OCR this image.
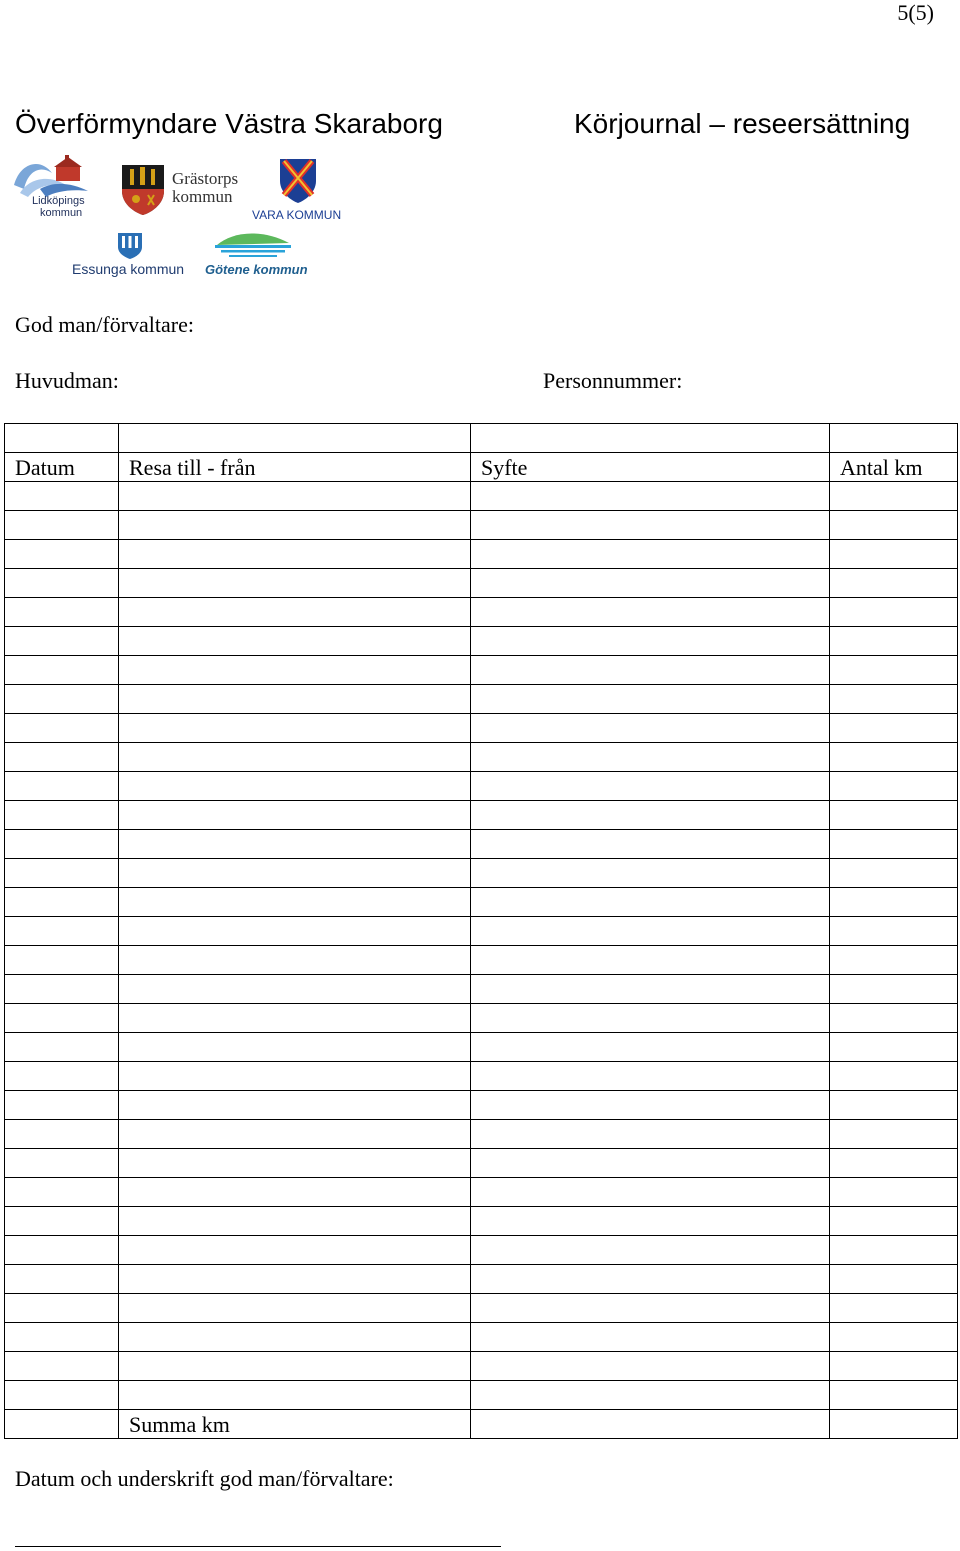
5(5)
Överförmyndare Västra Skaraborg	Körjournal – reseersättning
Lidköpings
kommun
Grästorps
kommun
VARA KOMMUN
Essunga kommun Götene kommun
God man/förvaltare:
Huvudman:	Personnummer:

Datum	Resa till - från	Syfte	Antal km

	Summa km		
Datum och underskrift god man/förvaltare:
